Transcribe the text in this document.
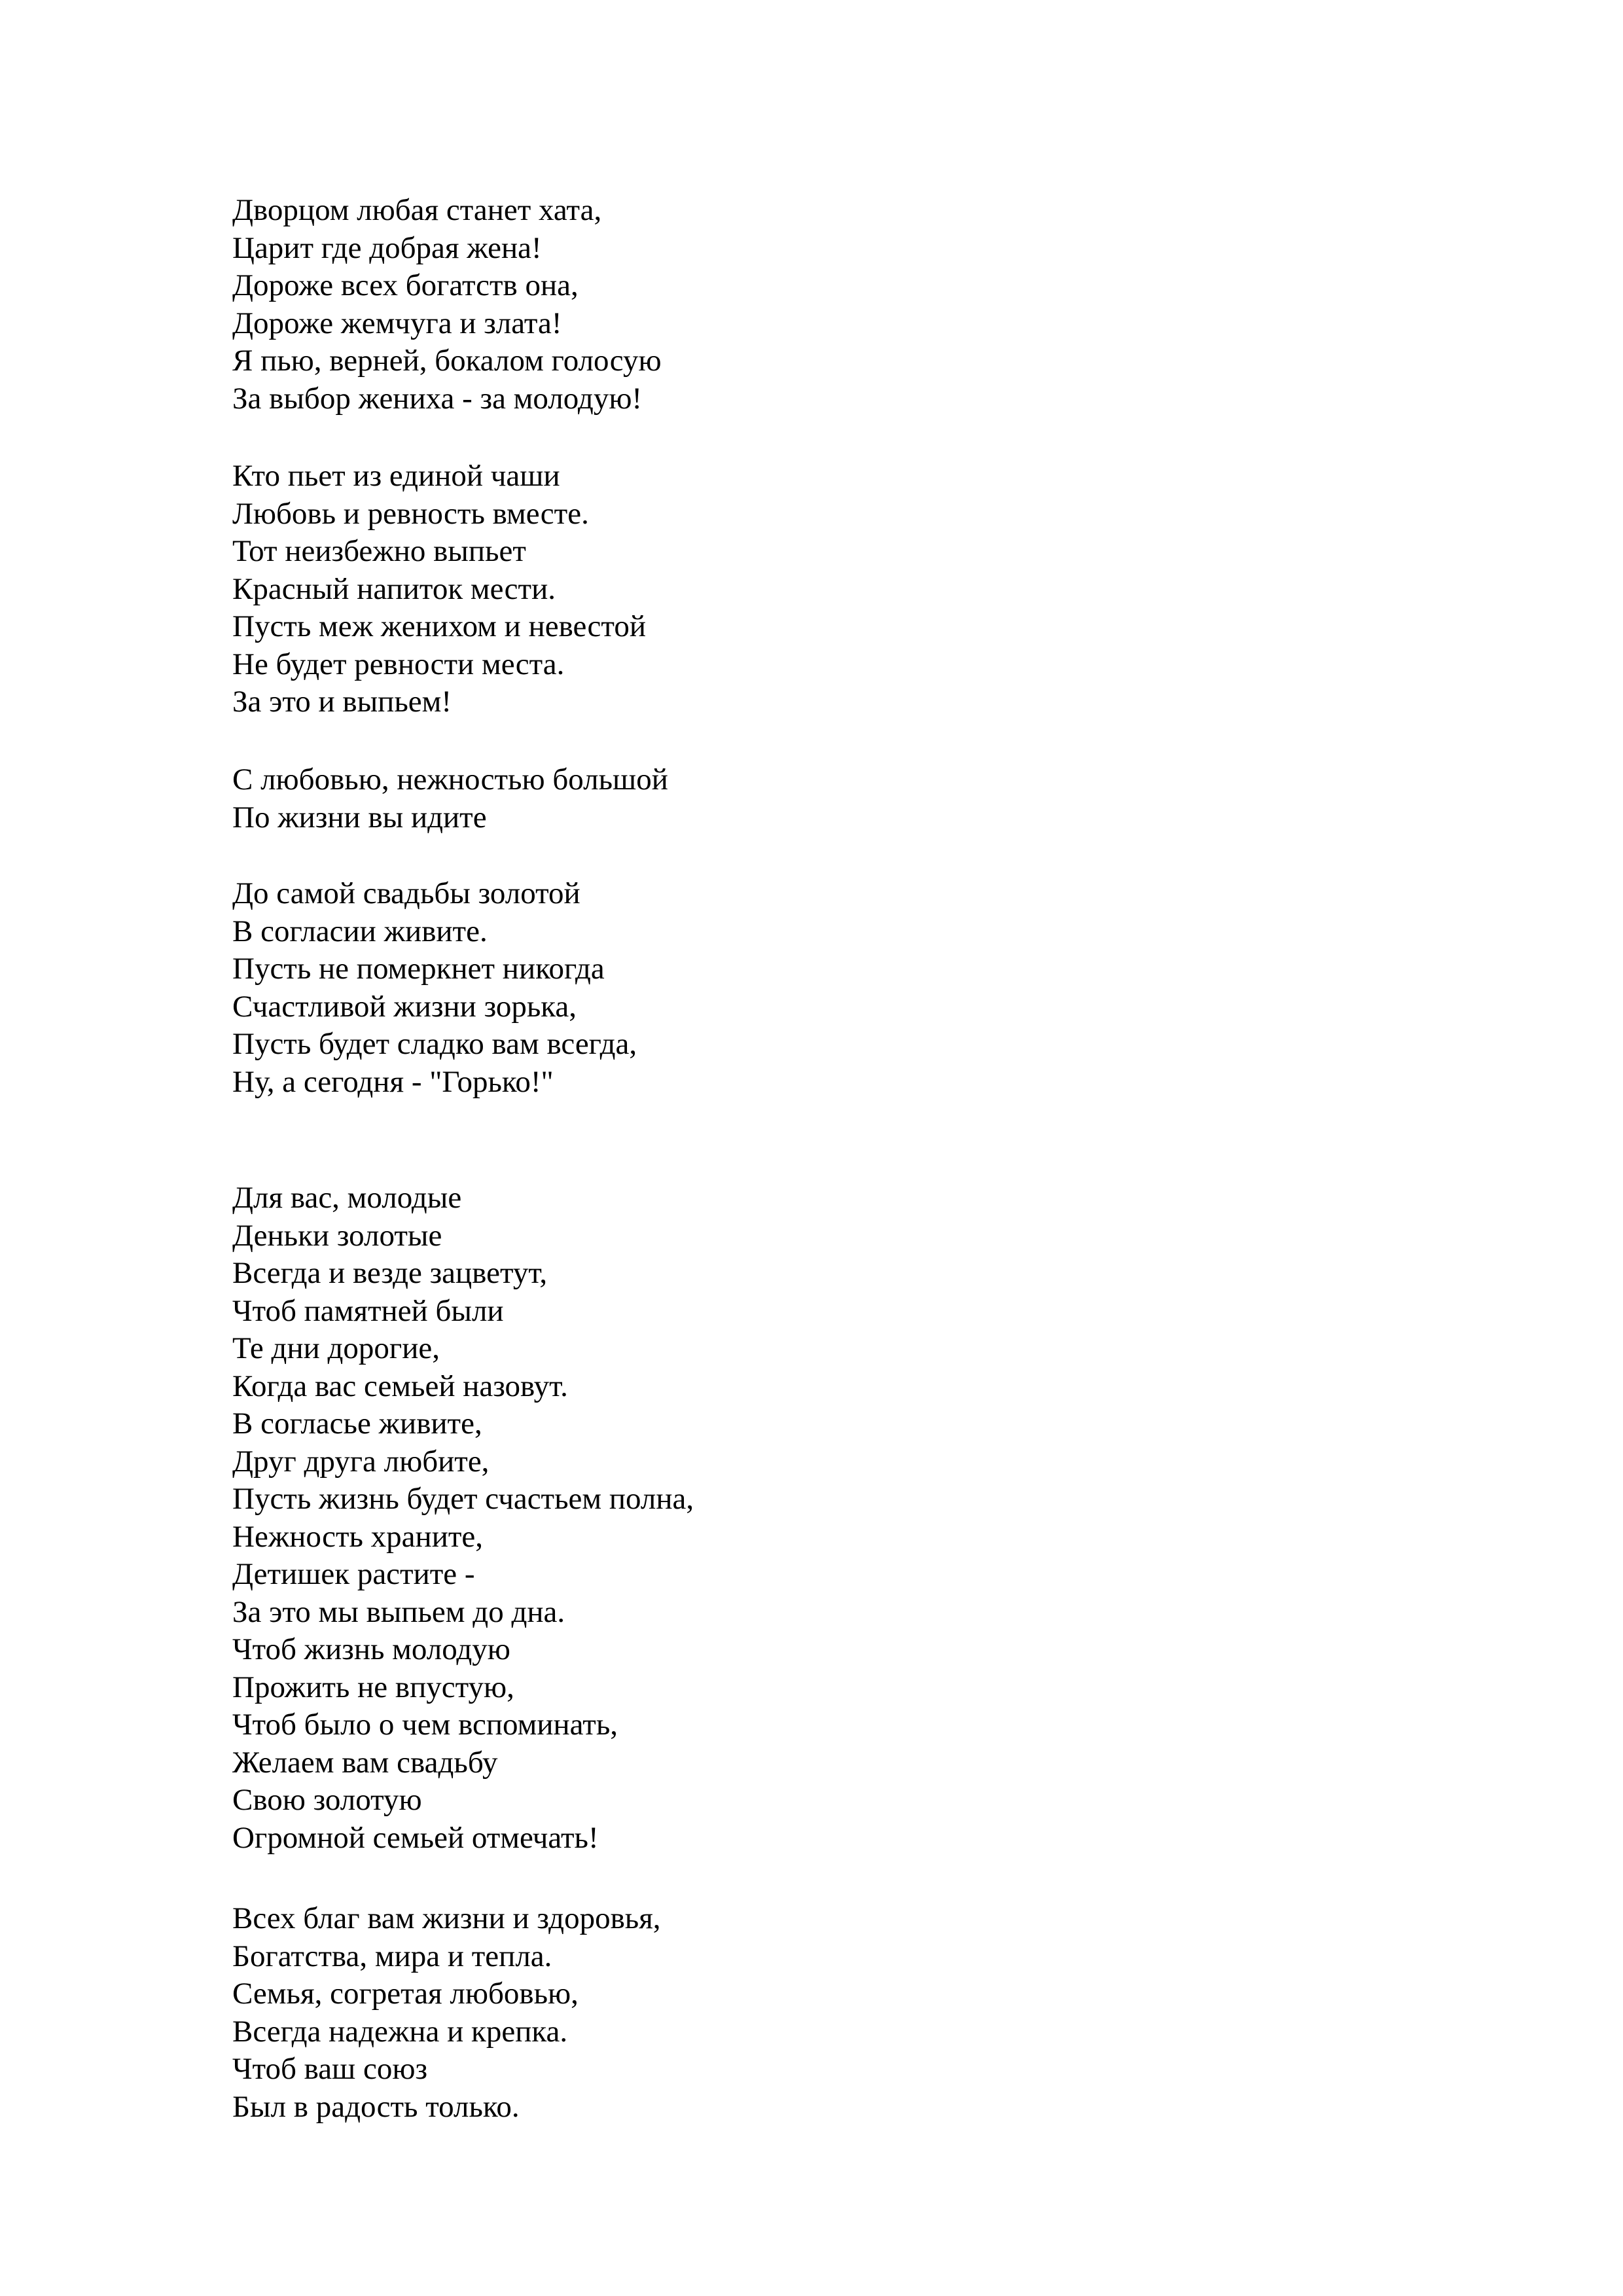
Дворцом любая станет хата,
Царит где добрая жена!
Дороже всех богатств она,
Дороже жемчуга и злата!
Я пью, верней, бокалом голосую
За выбор жениха - за молодую!
Кто пьет из единой чаши
Любовь и ревность вместе.
Тот неизбежно выпьет
Красный напиток мести.
Пусть меж женихом и невестой
Не будет ревности места.
За это и выпьем!
С любовью, нежностью большой
По жизни вы идите
До самой свадьбы золотой
В согласии живите.
Пусть не померкнет никогда
Счастливой жизни зорька,
Пусть будет сладко вам всегда,
Ну, а сегодня - "Горько!"
Для вас, молодые
Деньки золотые
Всегда и везде зацветут,
Чтоб памятней были
Те дни дорогие,
Когда вас семьей назовут.
В согласье живите,
Друг друга любите,
Пусть жизнь будет счастьем полна,
Нежность храните,
Детишек растите -
За это мы выпьем до дна.
Чтоб жизнь молодую
Прожить не впустую,
Чтоб было о чем вспоминать,
Желаем вам свадьбу
Свою золотую
Огромной семьей отмечать!
Всех благ вам жизни и здоровья,
Богатства, мира и тепла.
Семья, согретая любовью,
Всегда надежна и крепка.
Чтоб ваш союз
Был в радость только.
